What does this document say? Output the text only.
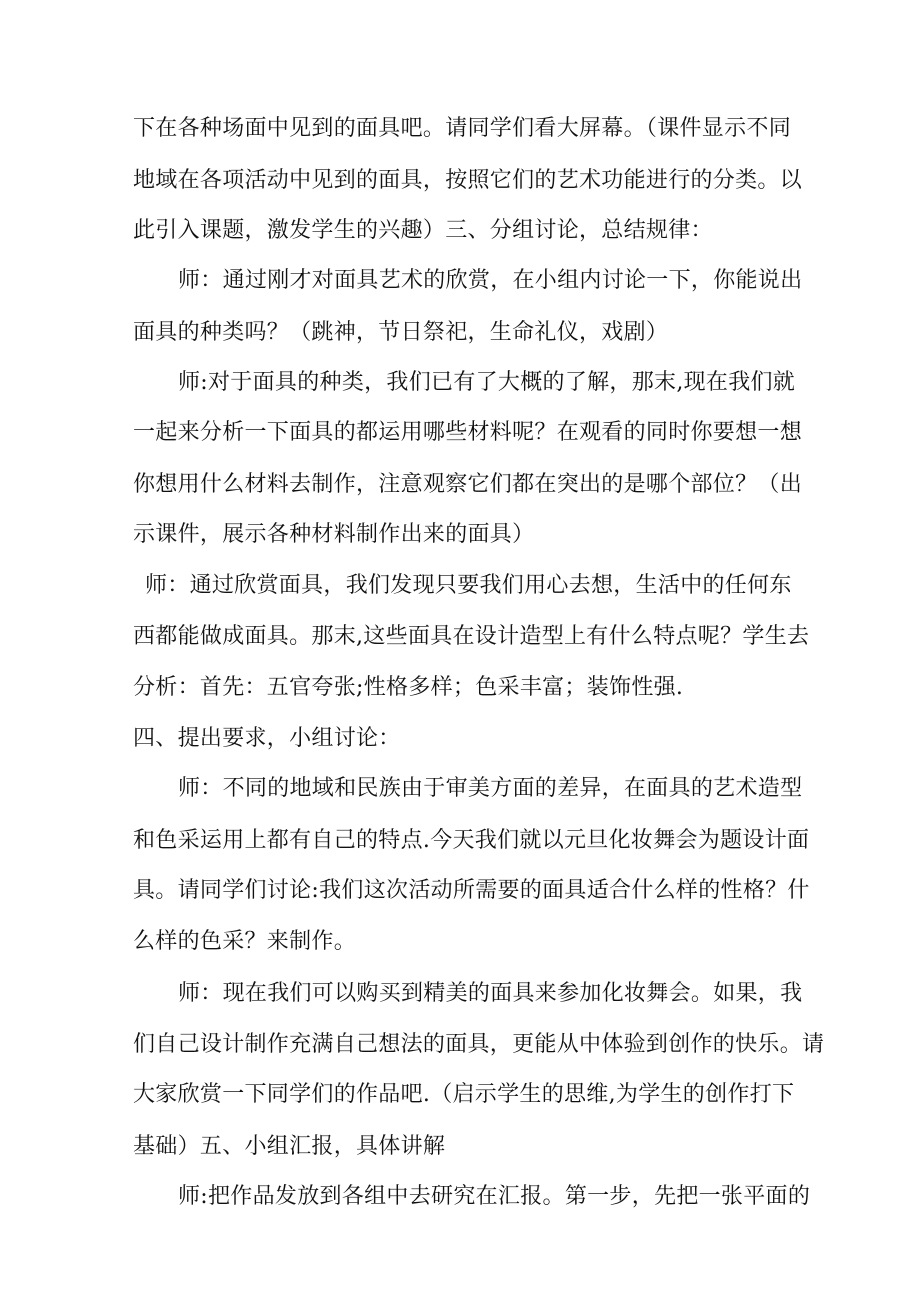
下在各种场面中见到的面具吧。请同学们看大屏幕。（课件显示不同
地域在各项活动中见到的面具，按照它们的艺术功能进行的分类。以
此引入课题，激发学生的兴趣）三、分组讨论，总结规律：
师：通过刚才对面具艺术的欣赏，在小组内讨论一下，你能说出
面具的种类吗？（跳神，节日祭祀，生命礼仪，戏剧）
师:对于面具的种类，我们已有了大概的了解，那末,现在我们就
一起来分析一下面具的都运用哪些材料呢？在观看的同时你要想一想
你想用什么材料去制作，注意观察它们都在突出的是哪个部位？（出
示课件，展示各种材料制作出来的面具）
师：通过欣赏面具，我们发现只要我们用心去想，生活中的任何东
西都能做成面具。那末,这些面具在设计造型上有什么特点呢？学生去
分析：首先：五官夸张;性格多样；色采丰富；装饰性强.
四、提出要求，小组讨论：
师：不同的地域和民族由于审美方面的差异，在面具的艺术造型
和色采运用上都有自己的特点.今天我们就以元旦化妆舞会为题设计面
具。请同学们讨论:我们这次活动所需要的面具适合什么样的性格？什
么样的色采？来制作。
师：现在我们可以购买到精美的面具来参加化妆舞会。如果，我
们自己设计制作充满自己想法的面具，更能从中体验到创作的快乐。请
大家欣赏一下同学们的作品吧.（启示学生的思维,为学生的创作打下
基础）五、小组汇报，具体讲解
师:把作品发放到各组中去研究在汇报。第一步，先把一张平面的
